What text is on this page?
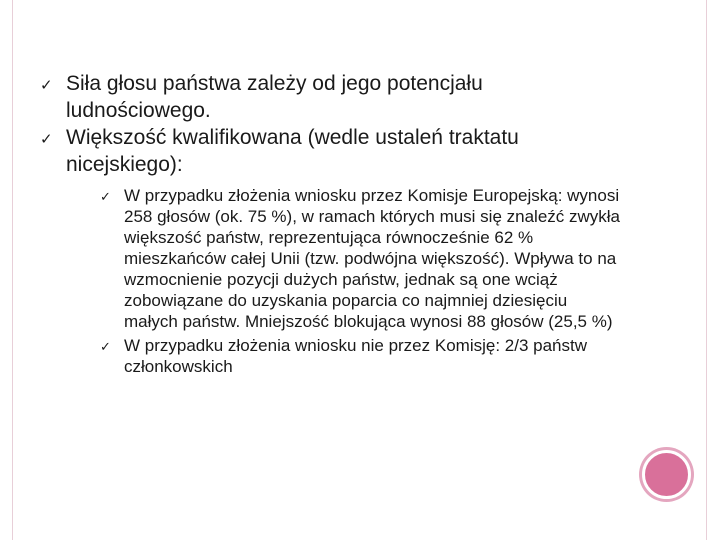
✓ Siła głosu państwa zależy od jego potencjału ludnościowego.
✓ Większość kwalifikowana (wedle ustaleń traktatu nicejskiego):
✓ W przypadku złożenia wniosku przez Komisje Europejską: wynosi 258 głosów (ok. 75 %), w ramach których musi się znaleźć zwykła większość państw, reprezentująca równocześnie 62 % mieszkańców całej Unii (tzw. podwójna większość). Wpływa to na wzmocnienie pozycji dużych państw, jednak są one wciąż zobowiązane do uzyskania poparcia co najmniej dziesięciu małych państw. Mniejszość blokująca wynosi 88 głosów (25,5 %)
✓ W przypadku złożenia wniosku nie przez Komisję: 2/3 państw członkowskich
